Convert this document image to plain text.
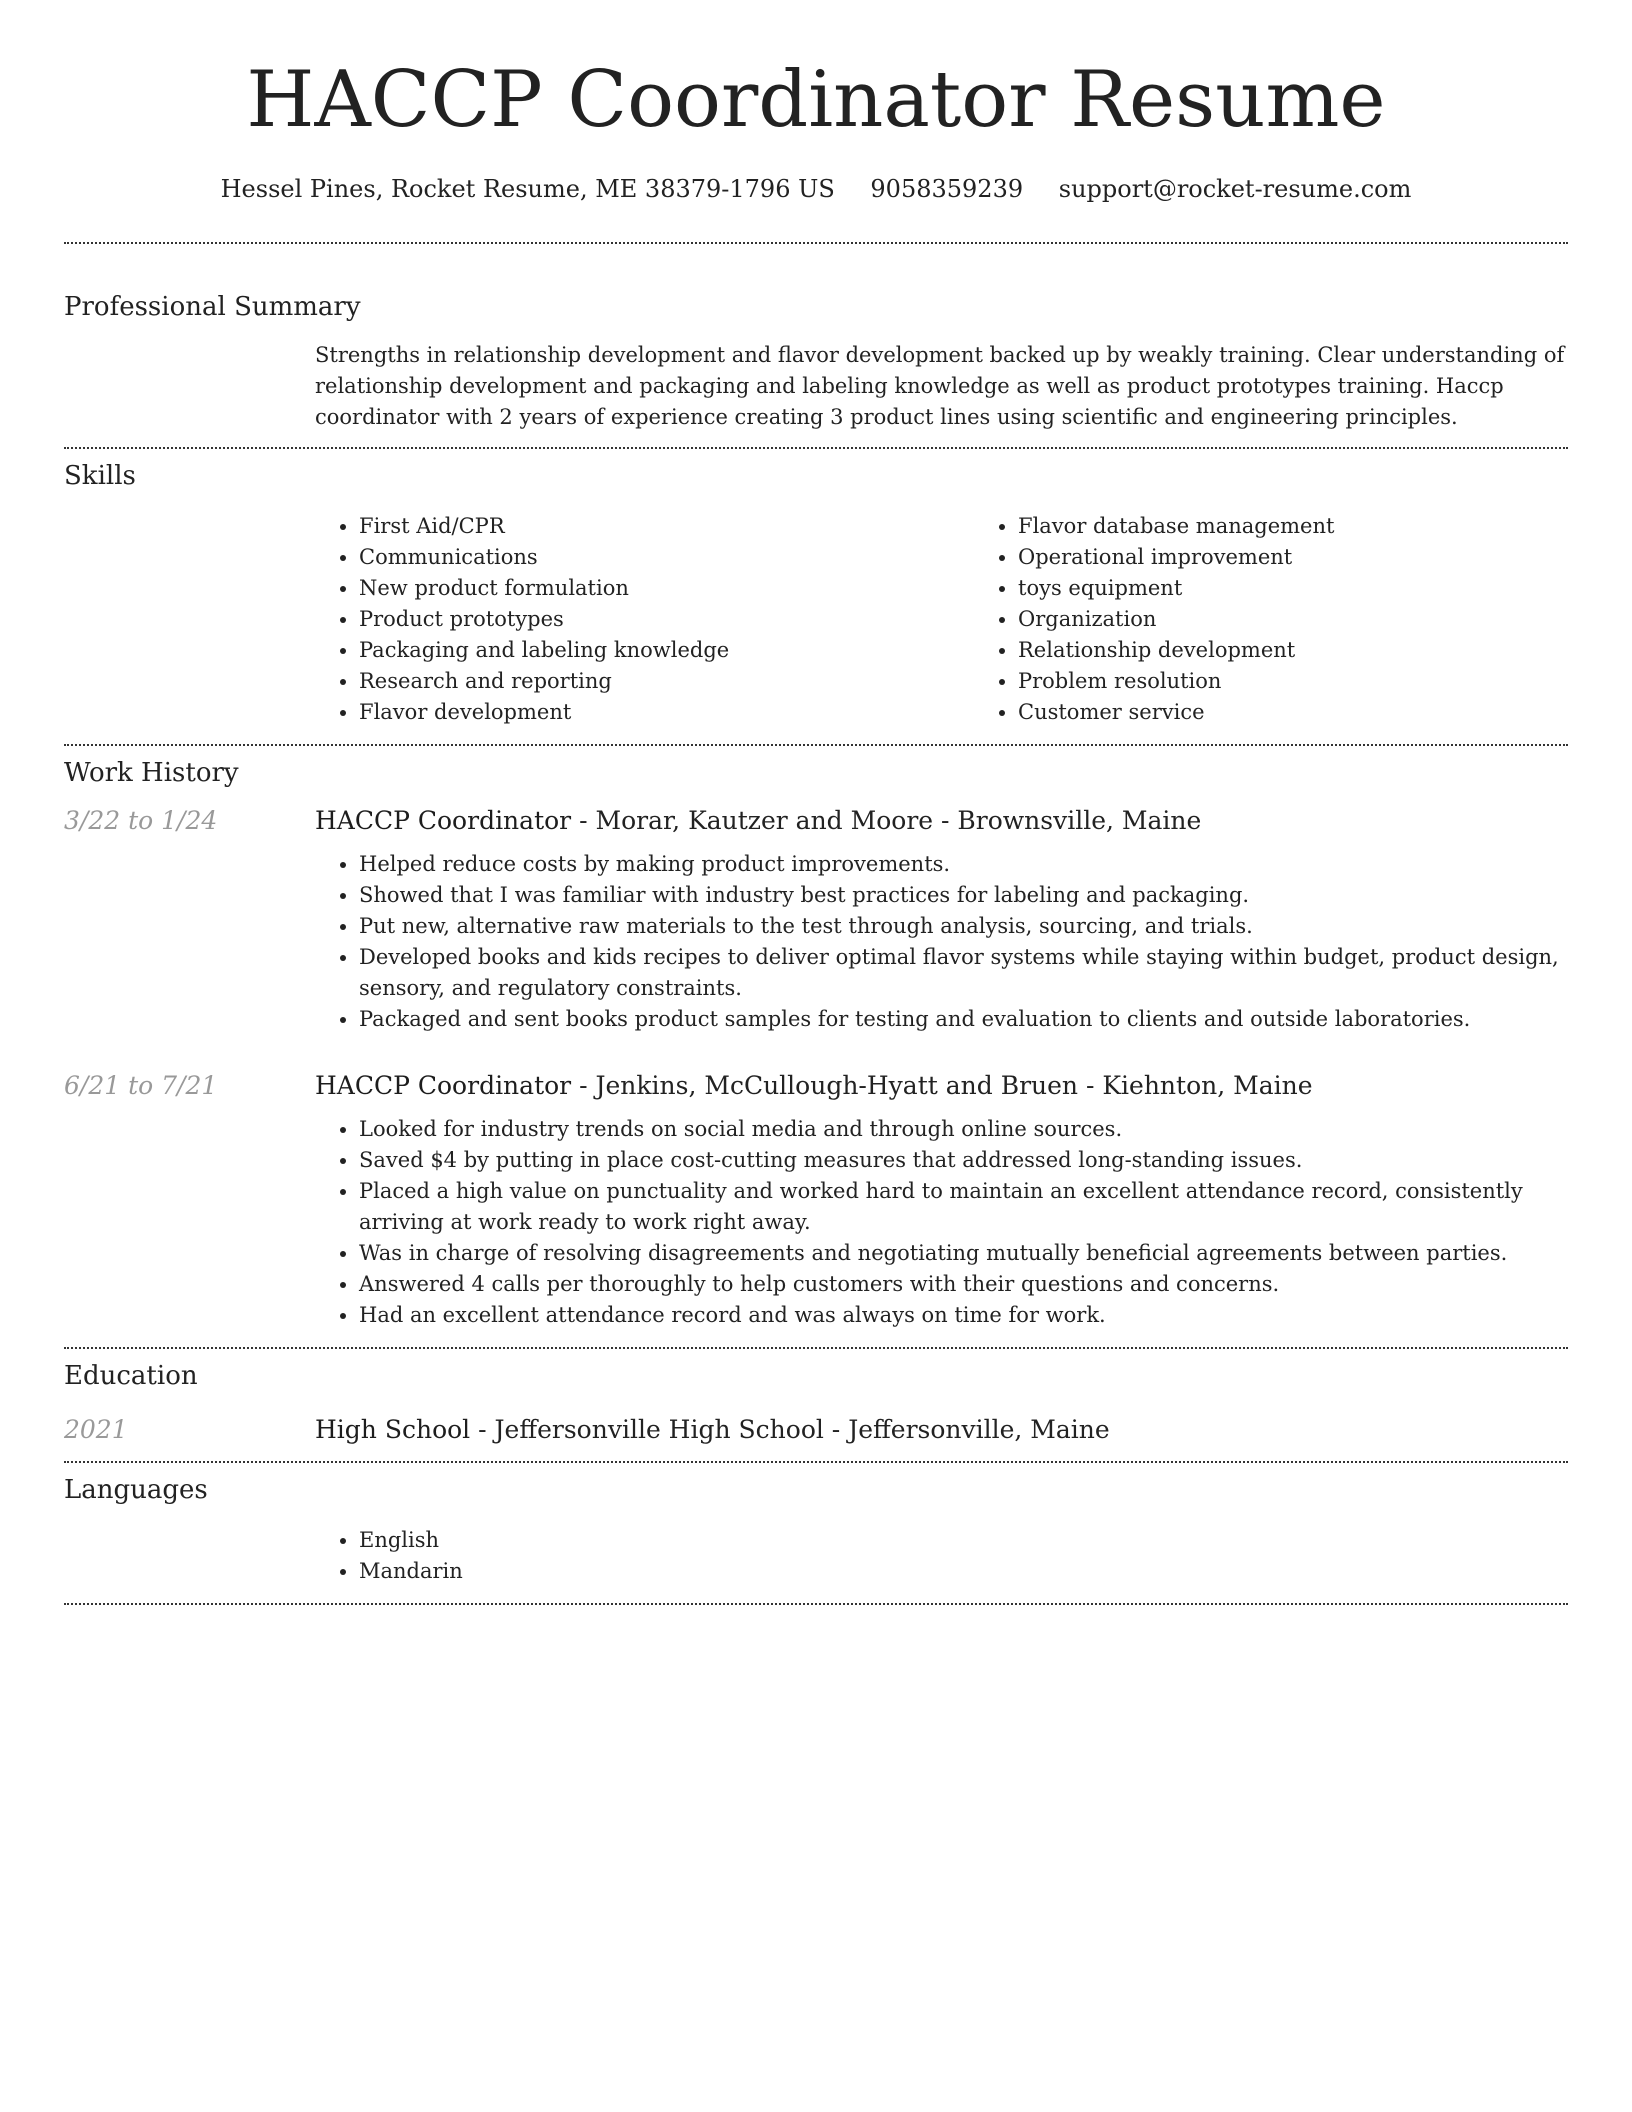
HACCP Coordinator Resume
Hessel Pines, Rocket Resume, ME 38379-1796 US 9058359239 support@rocket-resume.com
Professional Summary

Strengths in relationship development and flavor development backed up by weakly training. Clear understanding of relationship development and packaging and labeling knowledge as well as product prototypes training. Haccp coordinator with 2 years of experience creating 3 product lines using scientific and engineering principles.

Skills
• First Aid/CPR
• Communications
• New product formulation
• Product prototypes
• Packaging and labeling knowledge
• Research and reporting
• Flavor development
• Flavor database management
• Operational improvement
• toys equipment
• Organization
• Relationship development
• Problem resolution
• Customer service
Work History
3/22 to 1/24	HACCP Coordinator - Morar, Kautzer and Moore - Brownsville, Maine

• Helped reduce costs by making product improvements.
• Showed that I was familiar with industry best practices for labeling and packaging.
• Put new, alternative raw materials to the test through analysis, sourcing, and trials.
• Developed books and kids recipes to deliver optimal flavor systems while staying within budget, product design, sensory, and regulatory constraints.
• Packaged and sent books product samples for testing and evaluation to clients and outside laboratories.
6/21 to 7/21	HACCP Coordinator - Jenkins, McCullough-Hyatt and Bruen - Kiehnton, Maine

• Looked for industry trends on social media and through online sources.
• Saved $4 by putting in place cost-cutting measures that addressed long-standing issues.
• Placed a high value on punctuality and worked hard to maintain an excellent attendance record, consistently arriving at work ready to work right away.
• Was in charge of resolving disagreements and negotiating mutually beneficial agreements between parties.
• Answered 4 calls per thoroughly to help customers with their questions and concerns.
• Had an excellent attendance record and was always on time for work.
Education
2021	High School - Jeffersonville High School - Jeffersonville, Maine

Languages
• English
• Mandarin
